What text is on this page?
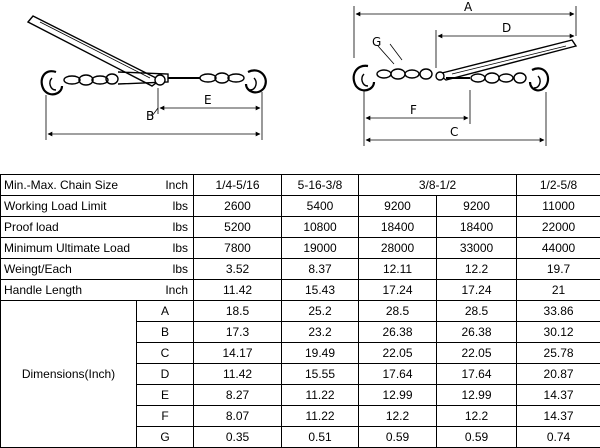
B
E
A
D
G
F
C
Min.-Max. Chain Size Inch		1/4-5/16	5-16-3/8	3/8-1/2		1/2-5/8

Working Load Limit lbs		2600	5400	9200	9200	11000

Proof load lbs		5200	10800	18400	18400	22000

Minimum Ultimate Load lbs		7800	19000	28000	33000	44000

Weingt/Each lbs		3.52	8.37	12.11	12.2	19.7

Handle Length Inch		11.42	15.43	17.24	17.24	21
Dimensions(Inch)	A	18.5	25.2	28.5	28.5	33.86
	B	17.3	23.2	26.38	26.38	30.12
	C	14.17	19.49	22.05	22.05	25.78
	D	11.42	15.55	17.64	17.64	20.87
	E	8.27	11.22	12.99	12.99	14.37
	F	8.07	11.22	12.2	12.2	14.37
	G	0.35	0.51	0.59	0.59	0.74
